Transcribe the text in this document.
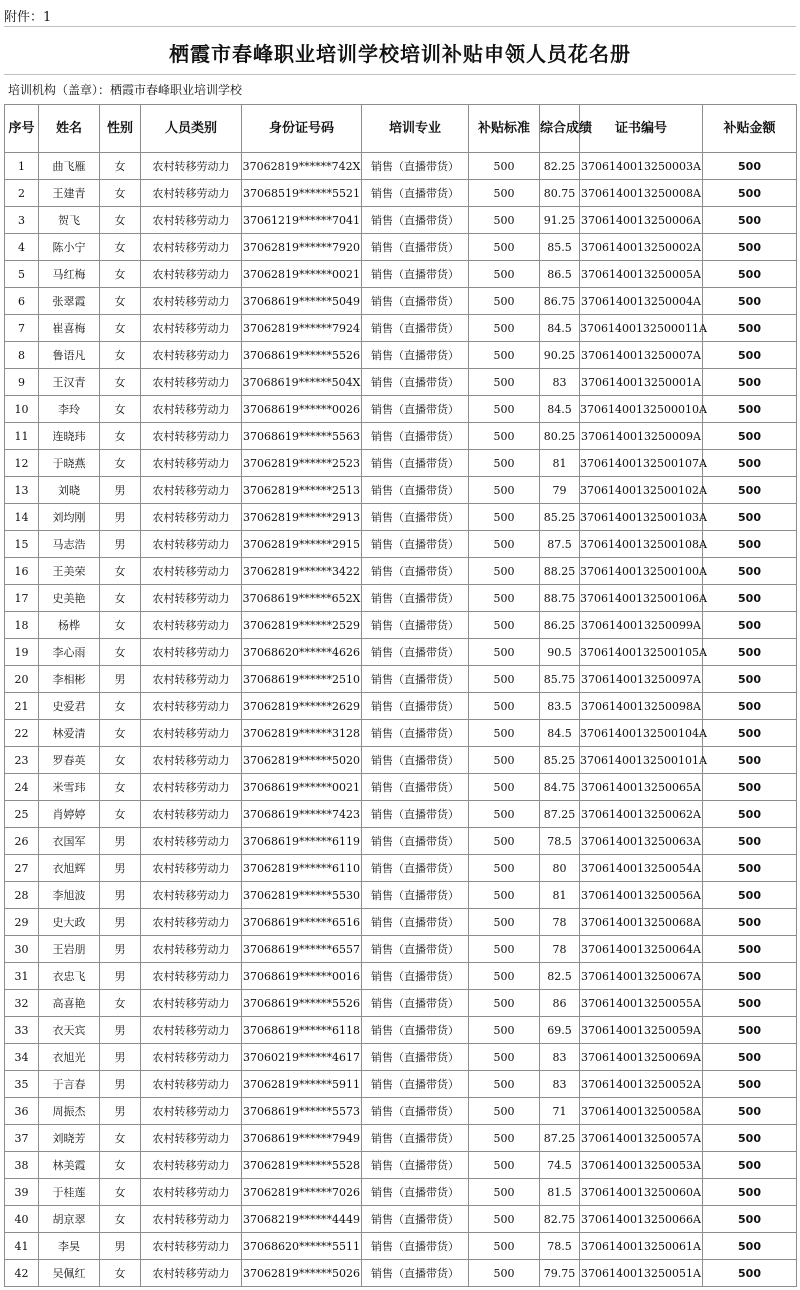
附件：1
栖霞市春峰职业培训学校培训补贴申领人员花名册
培训机构（盖章）：栖霞市春峰职业培训学校
序号	姓名	性别	人员类别	身份证号码	培训专业	补贴标准	综合成绩	证书编号	补贴金额
1	曲飞雁	女	农村转移劳动力	37062819******742X	销售（直播带货）	500	82.25	3706140013250003A	500
2	王建青	女	农村转移劳动力	37068519******5521	销售（直播带货）	500	80.75	3706140013250008A	500
3	贺飞	女	农村转移劳动力	37061219******7041	销售（直播带货）	500	91.25	3706140013250006A	500
4	陈小宁	女	农村转移劳动力	37062819******7920	销售（直播带货）	500	85.5	3706140013250002A	500
5	马红梅	女	农村转移劳动力	37062819******0021	销售（直播带货）	500	86.5	3706140013250005A	500
6	张翠霞	女	农村转移劳动力	37068619******5049	销售（直播带货）	500	86.75	3706140013250004A	500
7	崔喜梅	女	农村转移劳动力	37062819******7924	销售（直播带货）	500	84.5	37061400132500011A	500
8	鲁语凡	女	农村转移劳动力	37068619******5526	销售（直播带货）	500	90.25	3706140013250007A	500
9	王汉青	女	农村转移劳动力	37068619******504X	销售（直播带货）	500	83	3706140013250001A	500
10	李玲	女	农村转移劳动力	37068619******0026	销售（直播带货）	500	84.5	37061400132500010A	500
11	连晓玮	女	农村转移劳动力	37068619******5563	销售（直播带货）	500	80.25	3706140013250009A	500
12	于晓燕	女	农村转移劳动力	37062819******2523	销售（直播带货）	500	81	37061400132500107A	500
13	刘晓	男	农村转移劳动力	37062819******2513	销售（直播带货）	500	79	37061400132500102A	500
14	刘均刚	男	农村转移劳动力	37062819******2913	销售（直播带货）	500	85.25	37061400132500103A	500
15	马志浩	男	农村转移劳动力	37062819******2915	销售（直播带货）	500	87.5	37061400132500108A	500
16	王美荣	女	农村转移劳动力	37062819******3422	销售（直播带货）	500	88.25	37061400132500100A	500
17	史美艳	女	农村转移劳动力	37068619******652X	销售（直播带货）	500	88.75	37061400132500106A	500
18	杨桦	女	农村转移劳动力	37062819******2529	销售（直播带货）	500	86.25	3706140013250099A	500
19	李心雨	女	农村转移劳动力	37068620******4626	销售（直播带货）	500	90.5	37061400132500105A	500
20	李相彬	男	农村转移劳动力	37068619******2510	销售（直播带货）	500	85.75	3706140013250097A	500
21	史爱君	女	农村转移劳动力	37062819******2629	销售（直播带货）	500	83.5	3706140013250098A	500
22	林爱清	女	农村转移劳动力	37062819******3128	销售（直播带货）	500	84.5	37061400132500104A	500
23	罗春英	女	农村转移劳动力	37062819******5020	销售（直播带货）	500	85.25	37061400132500101A	500
24	米雪玮	女	农村转移劳动力	37068619******0021	销售（直播带货）	500	84.75	3706140013250065A	500
25	肖婷婷	女	农村转移劳动力	37068619******7423	销售（直播带货）	500	87.25	3706140013250062A	500
26	衣国军	男	农村转移劳动力	37068619******6119	销售（直播带货）	500	78.5	3706140013250063A	500
27	衣旭辉	男	农村转移劳动力	37062819******6110	销售（直播带货）	500	80	3706140013250054A	500
28	李旭波	男	农村转移劳动力	37062819******5530	销售（直播带货）	500	81	3706140013250056A	500
29	史大政	男	农村转移劳动力	37068619******6516	销售（直播带货）	500	78	3706140013250068A	500
30	王岩朋	男	农村转移劳动力	37068619******6557	销售（直播带货）	500	78	3706140013250064A	500
31	衣忠飞	男	农村转移劳动力	37068619******0016	销售（直播带货）	500	82.5	3706140013250067A	500
32	高喜艳	女	农村转移劳动力	37068619******5526	销售（直播带货）	500	86	3706140013250055A	500
33	衣天宾	男	农村转移劳动力	37068619******6118	销售（直播带货）	500	69.5	3706140013250059A	500
34	衣旭光	男	农村转移劳动力	37060219******4617	销售（直播带货）	500	83	3706140013250069A	500
35	于言春	男	农村转移劳动力	37062819******5911	销售（直播带货）	500	83	3706140013250052A	500
36	周振杰	男	农村转移劳动力	37068619******5573	销售（直播带货）	500	71	3706140013250058A	500
37	刘晓芳	女	农村转移劳动力	37068619******7949	销售（直播带货）	500	87.25	3706140013250057A	500
38	林美霞	女	农村转移劳动力	37062819******5528	销售（直播带货）	500	74.5	3706140013250053A	500
39	于桂莲	女	农村转移劳动力	37062819******7026	销售（直播带货）	500	81.5	3706140013250060A	500
40	胡京翠	女	农村转移劳动力	37068219******4449	销售（直播带货）	500	82.75	3706140013250066A	500
41	李昊	男	农村转移劳动力	37068620******5511	销售（直播带货）	500	78.5	3706140013250061A	500
42	吴佩红	女	农村转移劳动力	37062819******5026	销售（直播带货）	500	79.75	3706140013250051A	500
